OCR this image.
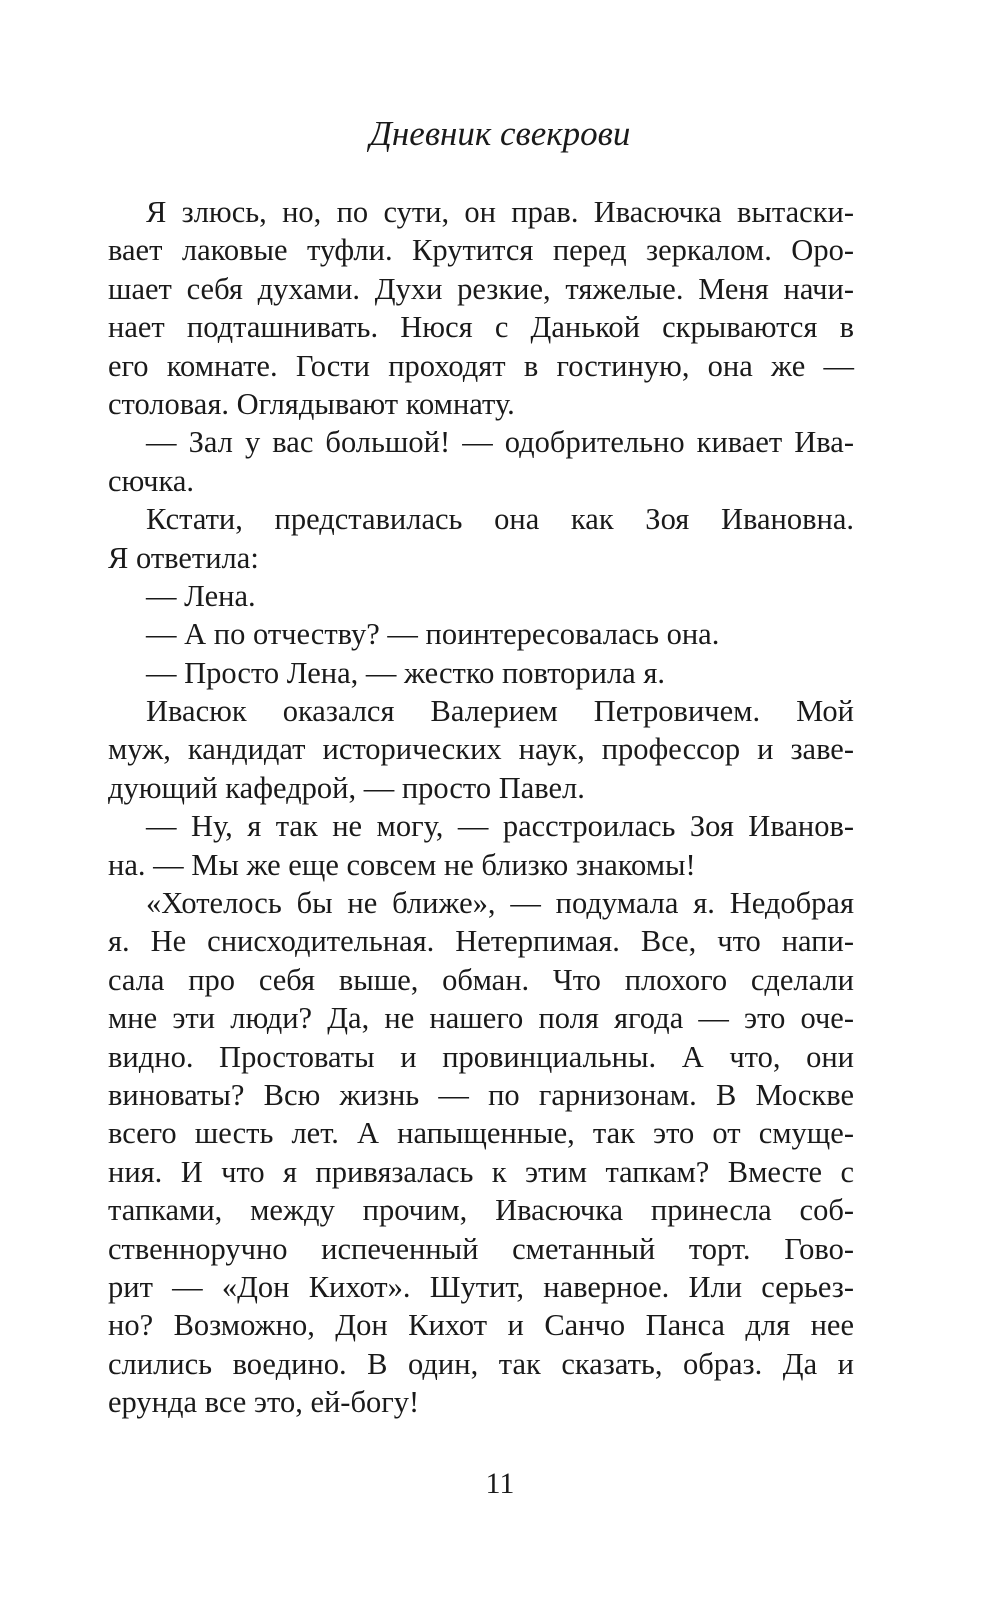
Дневник свекрови
Я злюсь, но, по сути, он прав. Ивасючка вытаски-
вает лаковые туфли. Крутится перед зеркалом. Оро-
шает себя духами. Духи резкие, тяжелые. Меня начи-
нает подташнивать. Нюся с Данькой скрываются в
его комнате. Гости проходят в гостиную, она же —
столовая. Оглядывают комнату.
— Зал у вас большой! — одобрительно кивает Ива-
сючка.
Кстати, представилась она как Зоя Ивановна.
Я ответила:
— Лена.
— А по отчеству? — поинтересовалась она.
— Просто Лена, — жестко повторила я.
Ивасюк оказался Валерием Петровичем. Мой
муж, кандидат исторических наук, профессор и заве-
дующий кафедрой, — просто Павел.
— Ну, я так не могу, — расстроилась Зоя Иванов-
на. — Мы же еще совсем не близко знакомы!
«Хотелось бы не ближе», — подумала я. Недобрая
я. Не снисходительная. Нетерпимая. Все, что напи-
сала про себя выше, обман. Что плохого сделали
мне эти люди? Да, не нашего поля ягода — это оче-
видно. Простоваты и провинциальны. А что, они
виноваты? Всю жизнь — по гарнизонам. В Москве
всего шесть лет. А напыщенные, так это от смуще-
ния. И что я привязалась к этим тапкам? Вместе с
тапками, между прочим, Ивасючка принесла соб-
ственноручно испеченный сметанный торт. Гово-
рит — «Дон Кихот». Шутит, наверное. Или серьез-
но? Возможно, Дон Кихот и Санчо Панса для нее
слились воедино. В один, так сказать, образ. Да и
ерунда все это, ей-богу!
11
